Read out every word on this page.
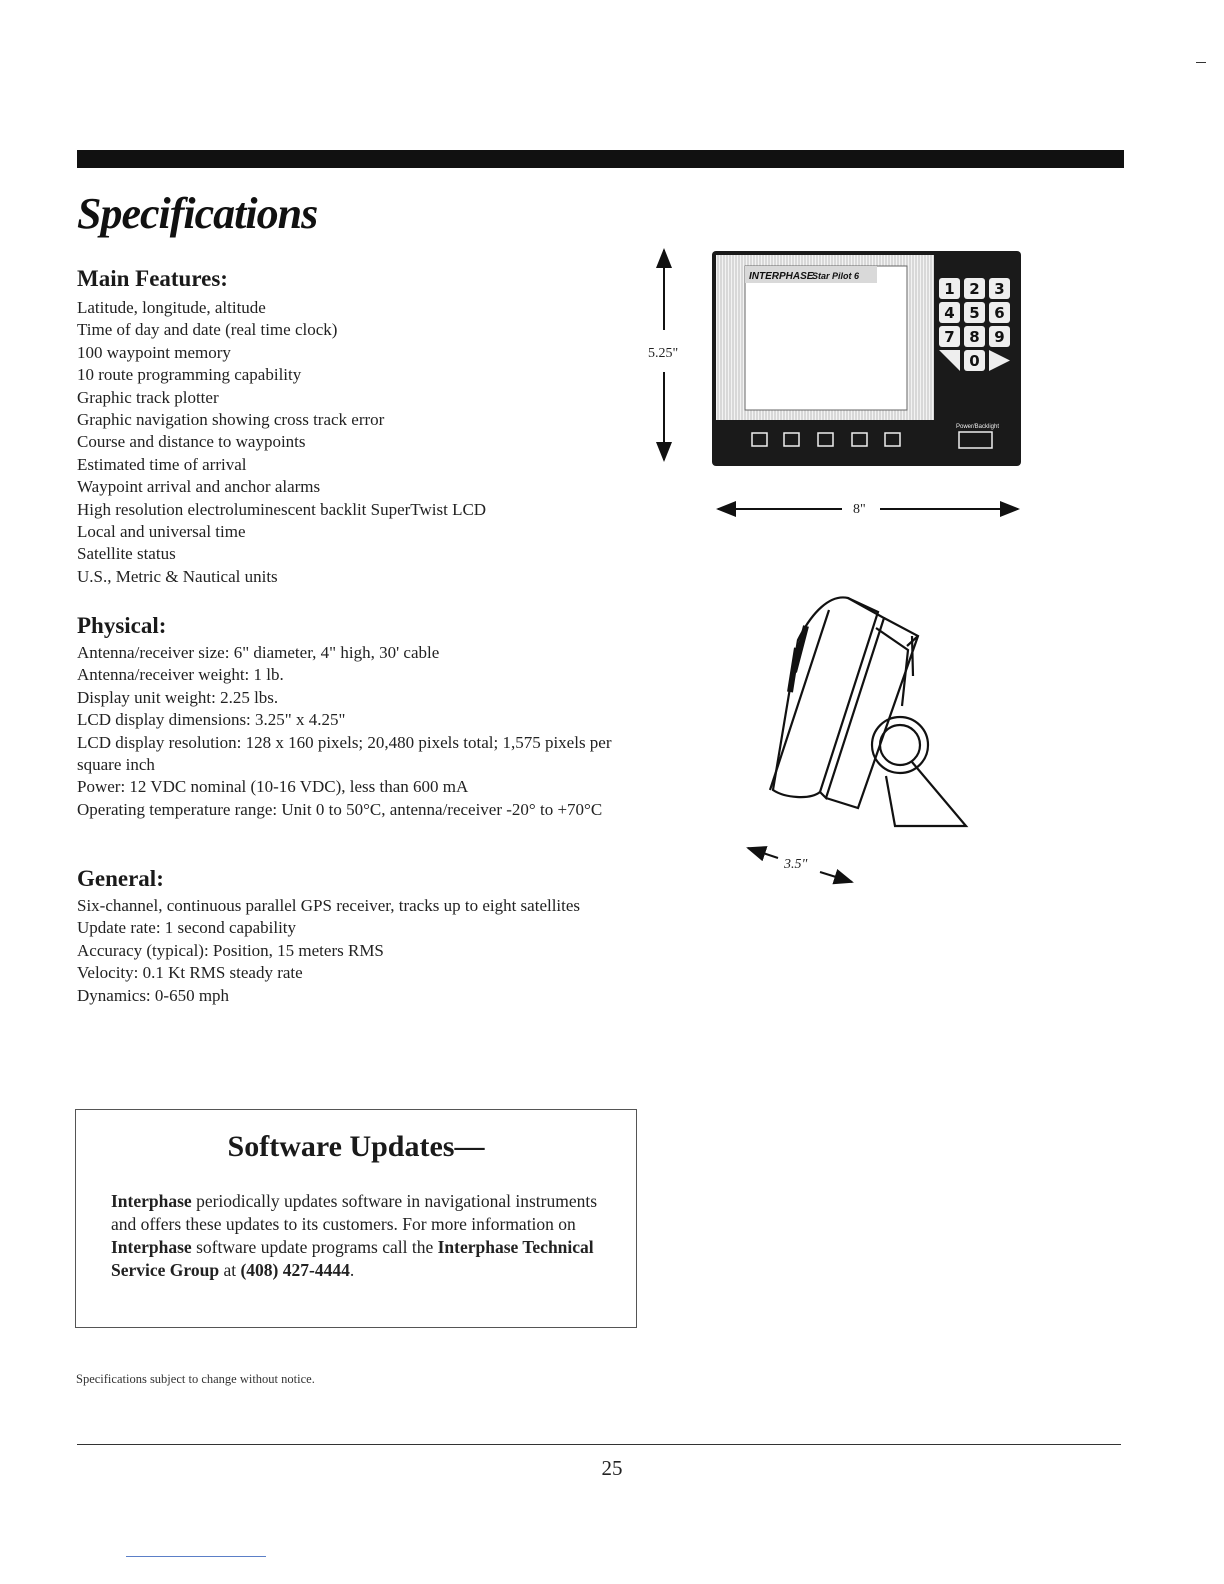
Specifications
Main Features:
Latitude, longitude, altitude
Time of day and date (real time clock)
100 waypoint memory
10 route programming capability
Graphic track plotter
Graphic navigation showing cross track error
Course and distance to waypoints
Estimated time of arrival
Waypoint arrival and anchor alarms
High resolution electroluminescent backlit SuperTwist LCD
Local and universal time
Satellite status
U.S., Metric & Nautical units
Physical:
Antenna/receiver size: 6" diameter, 4" high, 30' cable
Antenna/receiver weight: 1 lb.
Display unit weight: 2.25 lbs.
LCD display dimensions: 3.25" x 4.25"
LCD display resolution: 128 x 160 pixels; 20,480 pixels total; 1,575 pixels per square inch
Power: 12 VDC nominal (10-16 VDC), less than 600 mA
Operating temperature range: Unit 0 to 50°C, antenna/receiver -20° to +70°C
General:
Six-channel, continuous parallel GPS receiver, tracks up to eight satellites
Update rate: 1 second capability
Accuracy (typical): Position, 15 meters RMS
Velocity: 0.1 Kt RMS steady rate
Dynamics: 0-650 mph
Software Updates—
Interphase periodically updates software in navigational instruments and offers these updates to its customers. For more information on Interphase software update programs call the Interphase Technical Service Group at (408) 427-4444.
Specifications subject to change without notice.
25
5.25"
INTERPHASE
Star Pilot 6
1 2 3
4 5 6
7 8 9
0
Power/Backlight
8"
3.5"
